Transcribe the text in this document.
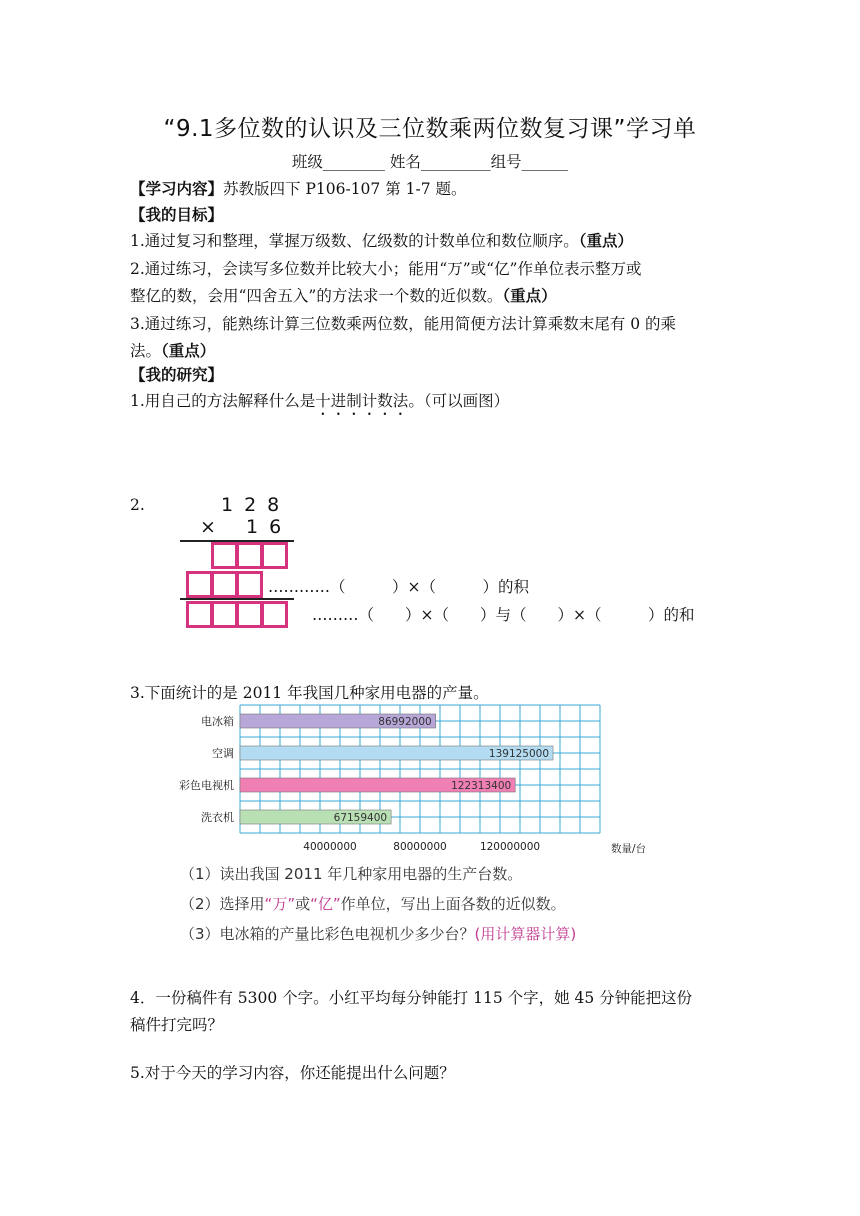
“9.1多位数的认识及三位数乘两位数复习课”学习单
班级________ 姓名_________组号______
【学习内容】苏教版四下 P106-107 第 1-7 题。
【我的目标】
1.通过复习和整理，掌握万级数、亿级数的计数单位和数位顺序。（重点）
2.通过练习，会读写多位数并比较大小；能用“万”或“亿”作单位表示整万或
整亿的数，会用“四舍五入”的方法求一个数的近似数。（重点）
3.通过练习，能熟练计算三位数乘两位数，能用简便方法计算乘数末尾有 0 的乘
法。（重点）
【我的研究】
1.用自己的方法解释什么是十进制计数法。（可以画图）
2.	128
× 16
…………（　　　）×（　　　）的积
………（　　）×（　　）与（　　）×（　　　）的和
3.下面统计的是 2011 年我国几种家用电器的产量。
电冰箱	86992000
空调	139125000
彩色电视机	122313400
洗衣机	67159400
40000000	80000000	120000000	数量/台
（1）读出我国 2011 年几种家用电器的生产台数。
（2）选择用“万”或“亿”作单位，写出上面各数的近似数。
（3）电冰箱的产量比彩色电视机少多少台？(用计算器计算)
4．一份稿件有 5300 个字。小红平均每分钟能打 115 个字，她 45 分钟能把这份
稿件打完吗？
5.对于今天的学习内容，你还能提出什么问题？
